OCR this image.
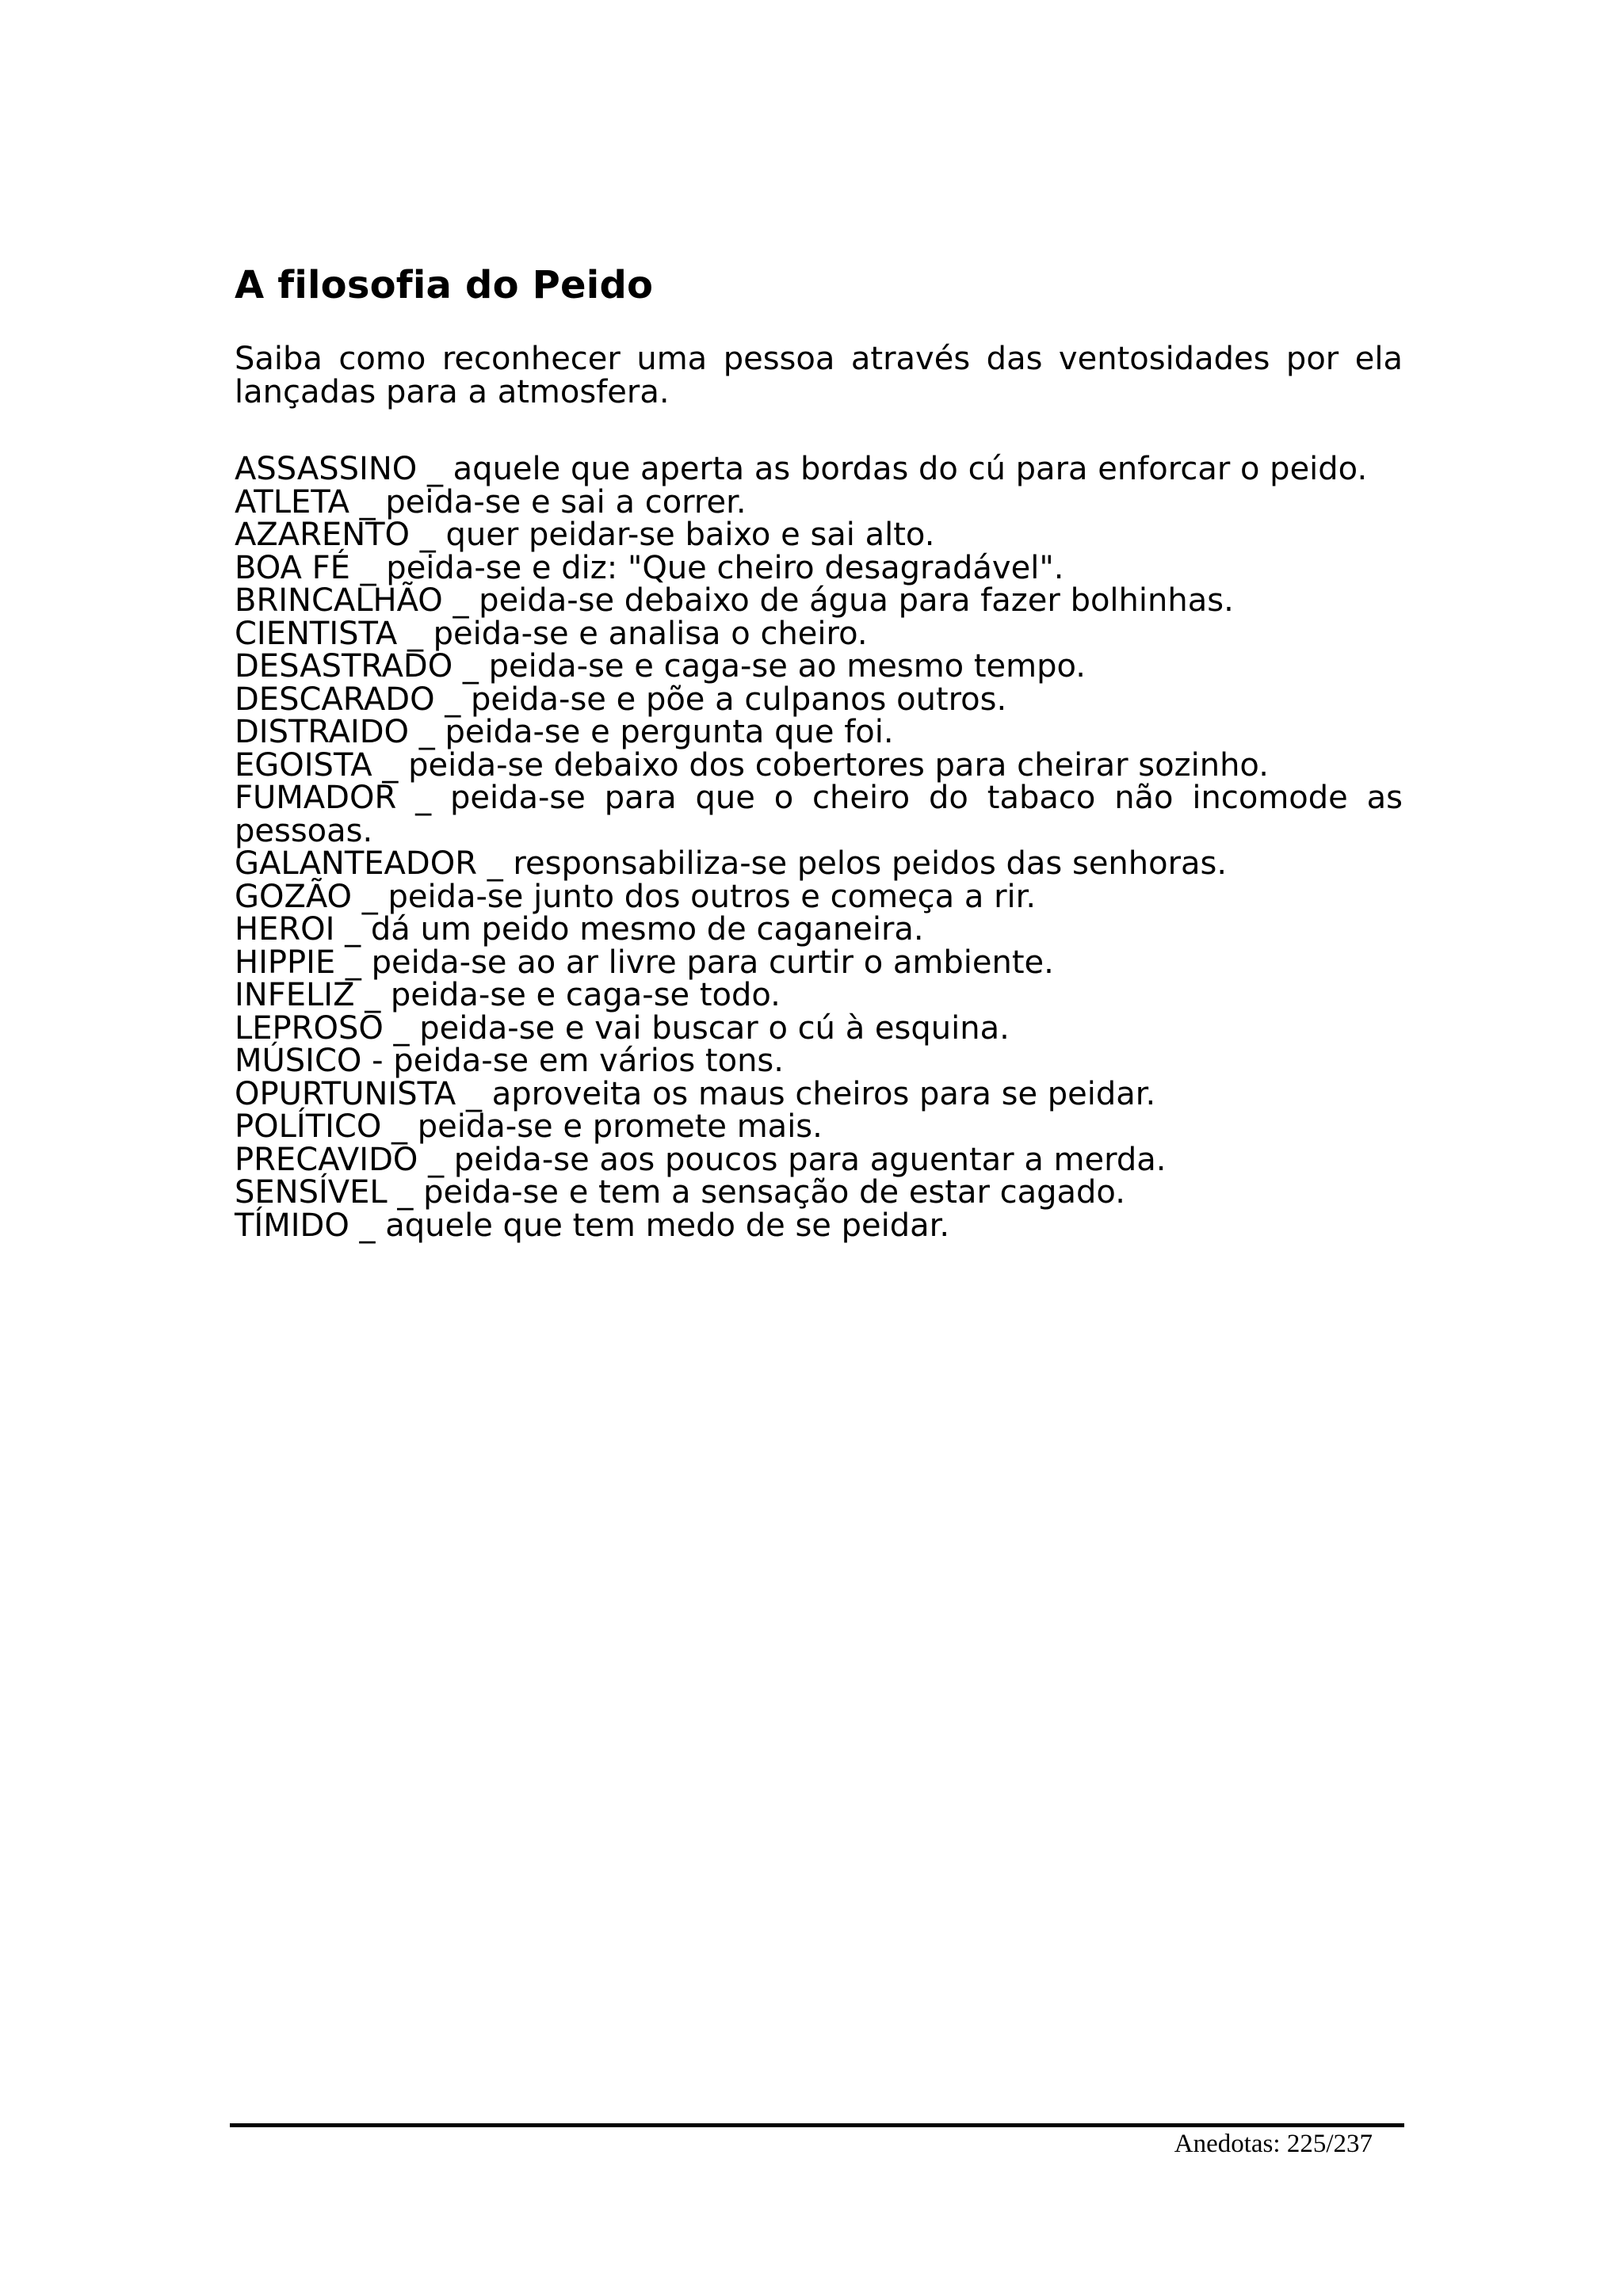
A filosofia do Peido

Saiba como reconhecer uma pessoa através das ventosidades por ela lançadas para a atmosfera.

ASSASSINO _ aquele que aperta as bordas do cú para enforcar o peido.
ATLETA _ peida-se e sai a correr.
AZARENTO _ quer peidar-se baixo e sai alto.
BOA FÉ _ peida-se e diz: "Que cheiro desagradável".
BRINCALHÃO _ peida-se debaixo de água para fazer bolhinhas.
CIENTISTA _ peida-se e analisa o cheiro.
DESASTRADO _ peida-se e caga-se ao mesmo tempo.
DESCARADO _ peida-se e põe a culpanos outros.
DISTRAIDO _ peida-se e pergunta que foi.
EGOISTA _ peida-se debaixo dos cobertores para cheirar sozinho.
FUMADOR _ peida-se para que o cheiro do tabaco não incomode as pessoas.
GALANTEADOR _ responsabiliza-se pelos peidos das senhoras.
GOZÃO _ peida-se junto dos outros e começa a rir.
HEROI _ dá um peido mesmo de caganeira.
HIPPIE _ peida-se ao ar livre para curtir o ambiente.
INFELIZ _ peida-se e caga-se todo.
LEPROSO _ peida-se e vai buscar o cú à esquina.
MÚSICO - peida-se em vários tons.
OPURTUNISTA _ aproveita os maus cheiros para se peidar.
POLÍTICO _ peida-se e promete mais.
PRECAVIDO _ peida-se aos poucos para aguentar a merda.
SENSÍVEL _ peida-se e tem a sensação de estar cagado.
TÍMIDO _ aquele que tem medo de se peidar.
Anedotas: 225/237
